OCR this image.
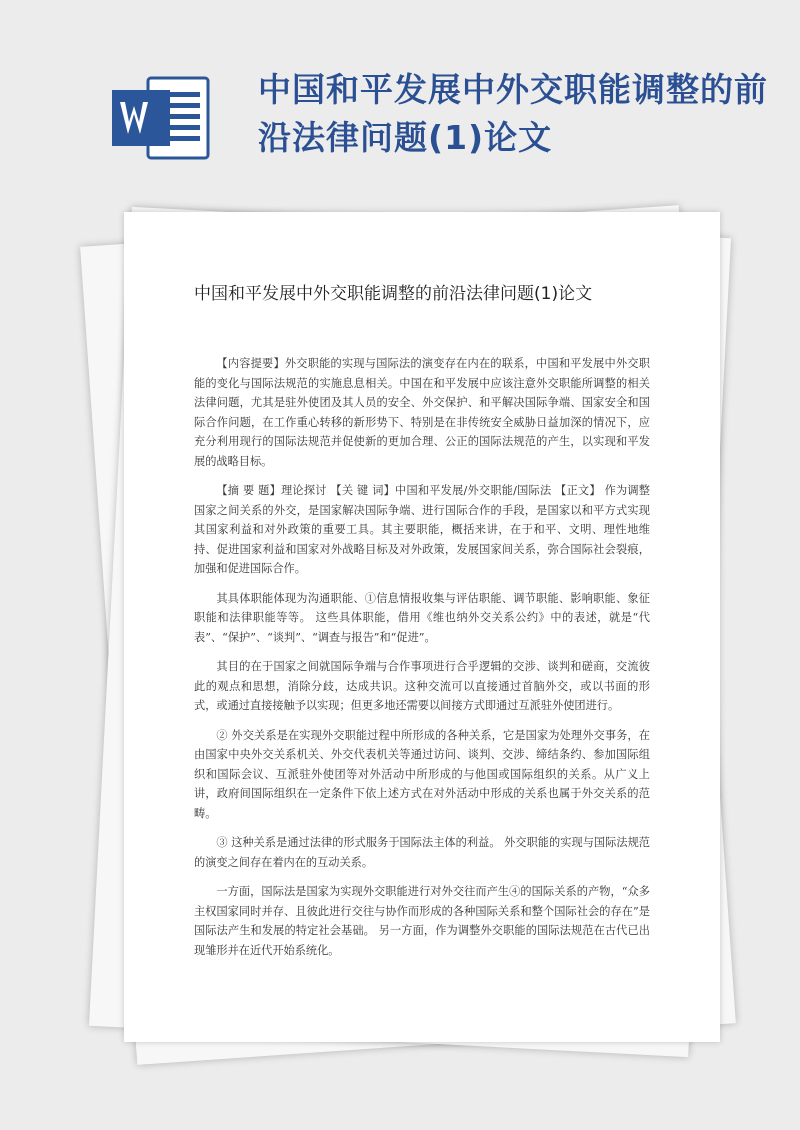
中国和平发展中外交职能调整的前沿法律问题(1)论文
中国和平发展中外交职能调整的前沿法律问题(1)论文

【内容提要】外交职能的实现与国际法的演变存在内在的联系，中国和平发展中外交职能的变化与国际法规范的实施息息相关。中国在和平发展中应该注意外交职能所调整的相关法律问题，尤其是驻外使团及其人员的安全、外交保护、和平解决国际争端、国家安全和国际合作问题，在工作重心转移的新形势下、特别是在非传统安全威胁日益加深的情况下，应充分利用现行的国际法规范并促使新的更加合理、公正的国际法规范的产生，以实现和平发展的战略目标。

【摘 要 题】理论探讨 【关 键 词】中国和平发展/外交职能/国际法 【正文】 作为调整国家之间关系的外交，是国家解决国际争端、进行国际合作的手段，是国家以和平方式实现其国家利益和对外政策的重要工具。其主要职能，概括来讲，在于和平、文明、理性地维持、促进国家利益和国家对外战略目标及对外政策，发展国家间关系，弥合国际社会裂痕，加强和促进国际合作。

其具体职能体现为沟通职能、①信息情报收集与评估职能、调节职能、影响职能、象征职能和法律职能等等。 这些具体职能，借用《维也纳外交关系公约》中的表述，就是“代表”、“保护”、“谈判”、“调查与报告”和“促进”。

其目的在于国家之间就国际争端与合作事项进行合乎逻辑的交涉、谈判和磋商，交流彼此的观点和思想，消除分歧，达成共识。这种交流可以直接通过首脑外交，或以书面的形式，或通过直接接触予以实现；但更多地还需要以间接方式即通过互派驻外使团进行。

② 外交关系是在实现外交职能过程中所形成的各种关系，它是国家为处理外交事务，在由国家中央外交关系机关、外交代表机关等通过访问、谈判、交涉、缔结条约、参加国际组织和国际会议、互派驻外使团等对外活动中所形成的与他国或国际组织的关系。从广义上讲，政府间国际组织在一定条件下依上述方式在对外活动中形成的关系也属于外交关系的范畴。

③ 这种关系是通过法律的形式服务于国际法主体的利益。 外交职能的实现与国际法规范的演变之间存在着内在的互动关系。

一方面，国际法是国家为实现外交职能进行对外交往而产生④的国际关系的产物，“众多主权国家同时并存、且彼此进行交往与协作而形成的各种国际关系和整个国际社会的存在”是国际法产生和发展的特定社会基础。 另一方面，作为调整外交职能的国际法规范在古代已出现雏形并在近代开始系统化。
